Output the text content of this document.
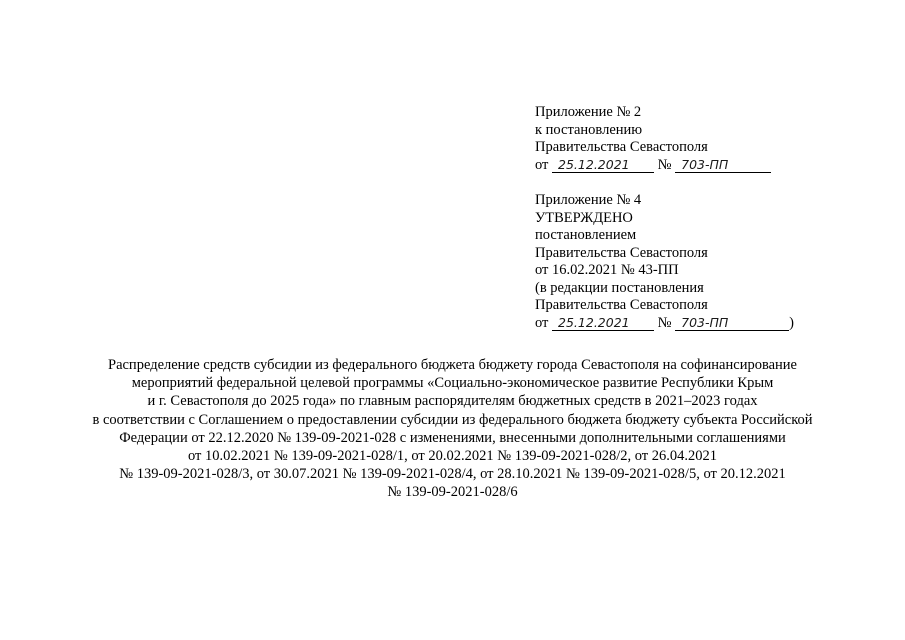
Приложение № 2
к постановлению
Правительства Севастополя
от 25.12.2021 № 703-ПП
Приложение № 4
УТВЕРЖДЕНО
постановлением
Правительства Севастополя
от 16.02.2021 № 43-ПП
(в редакции постановления
Правительства Севастополя
от 25.12.2021 № 703-ПП	)
Распределение средств субсидии из федерального бюджета бюджету города Севастополя на софинансирование
мероприятий федеральной целевой программы «Социально-экономическое развитие Республики Крым
и г. Севастополя до 2025 года» по главным распорядителям бюджетных средств в 2021–2023 годах
в соответствии с Соглашением о предоставлении субсидии из федерального бюджета бюджету субъекта Российской
Федерации от 22.12.2020 № 139-09-2021-028 с изменениями, внесенными дополнительными соглашениями
от 10.02.2021 № 139-09-2021-028/1, от 20.02.2021 № 139-09-2021-028/2, от 26.04.2021
№ 139-09-2021-028/3, от 30.07.2021 № 139-09-2021-028/4, от 28.10.2021 № 139-09-2021-028/5, от 20.12.2021
№ 139-09-2021-028/6
